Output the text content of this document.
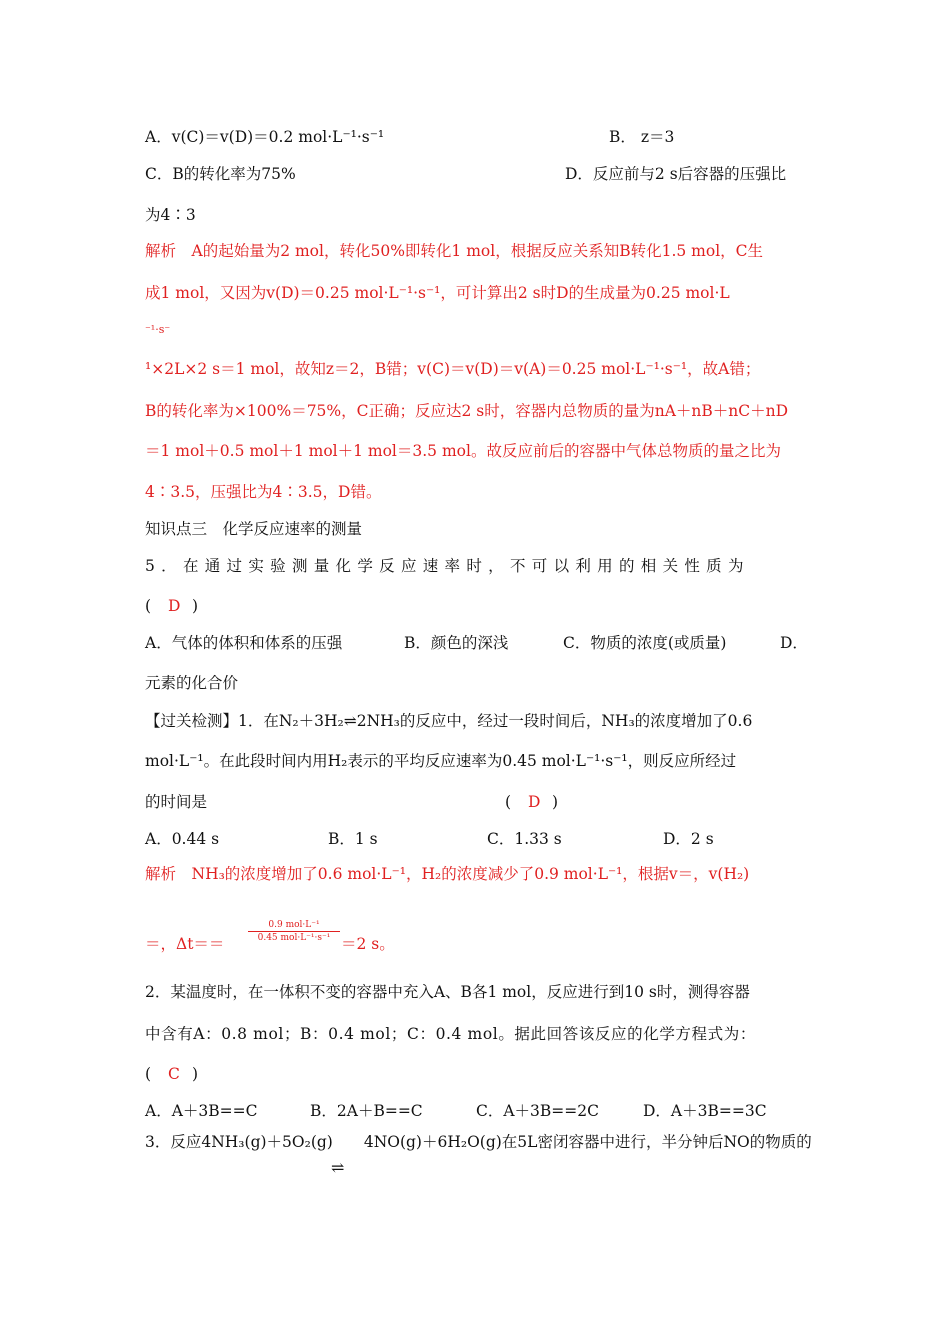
A．v(C)＝v(D)＝0.2 mol·L⁻¹·s⁻¹	B． z＝3
C．B的转化率为75%	D．反应前与2 s后容器的压强比
为4∶3
解析　A的起始量为2 mol，转化50%即转化1 mol，根据反应关系知B转化1.5 mol，C生
成1 mol，又因为v(D)＝0.25 mol·L⁻¹·s⁻¹，可计算出2 s时D的生成量为0.25 mol·L
⁻¹·s⁻
¹×2L×2 s＝1 mol，故知z＝2，B错；v(C)＝v(D)＝v(A)＝0.25 mol·L⁻¹·s⁻¹，故A错；
B的转化率为×100%＝75%，C正确；反应达2 s时，容器内总物质的量为nA＋nB＋nC＋nD
＝1 mol＋0.5 mol＋1 mol＋1 mol＝3.5 mol。故反应前后的容器中气体总物质的量之比为
4∶3.5，压强比为4∶3.5，D错。
知识点三　化学反应速率的测量
5．在通过实验测量化学反应速率时，不可以利用的相关性质为
( D )
A．气体的体积和体系的压强	B．颜色的深浅	C．物质的浓度(或质量)	D．
元素的化合价
【过关检测】1．在N₂＋3H₂⇌2NH₃的反应中，经过一段时间后，NH₃的浓度增加了0.6
mol·L⁻¹。在此段时间内用H₂表示的平均反应速率为0.45 mol·L⁻¹·s⁻¹，则反应所经过
的时间是	( D )
A．0.44 s	B．1 s	C．1.33 s	D．2 s
解析　NH₃的浓度增加了0.6 mol·L⁻¹，H₂的浓度减少了0.9 mol·L⁻¹，根据v＝，v(H₂)
＝，Δt＝＝
0.9 mol·L⁻¹
0.45 mol·L⁻¹·s⁻¹ ＝2 s。
2．某温度时，在一体积不变的容器中充入A、B各1 mol，反应进行到10 s时，测得容器
中含有A：0.8 mol；B：0.4 mol；C：0.4 mol。据此回答该反应的化学方程式为：
( C )
A．A＋3B==C	B．2A＋B==C	C．A＋3B==2C	D．A＋3B==3C
3．反应4NH₃(g)＋5O₂(g)　　4NO(g)＋6H₂O(g)在5L密闭容器中进行，半分钟后NO的物质的
⇌
